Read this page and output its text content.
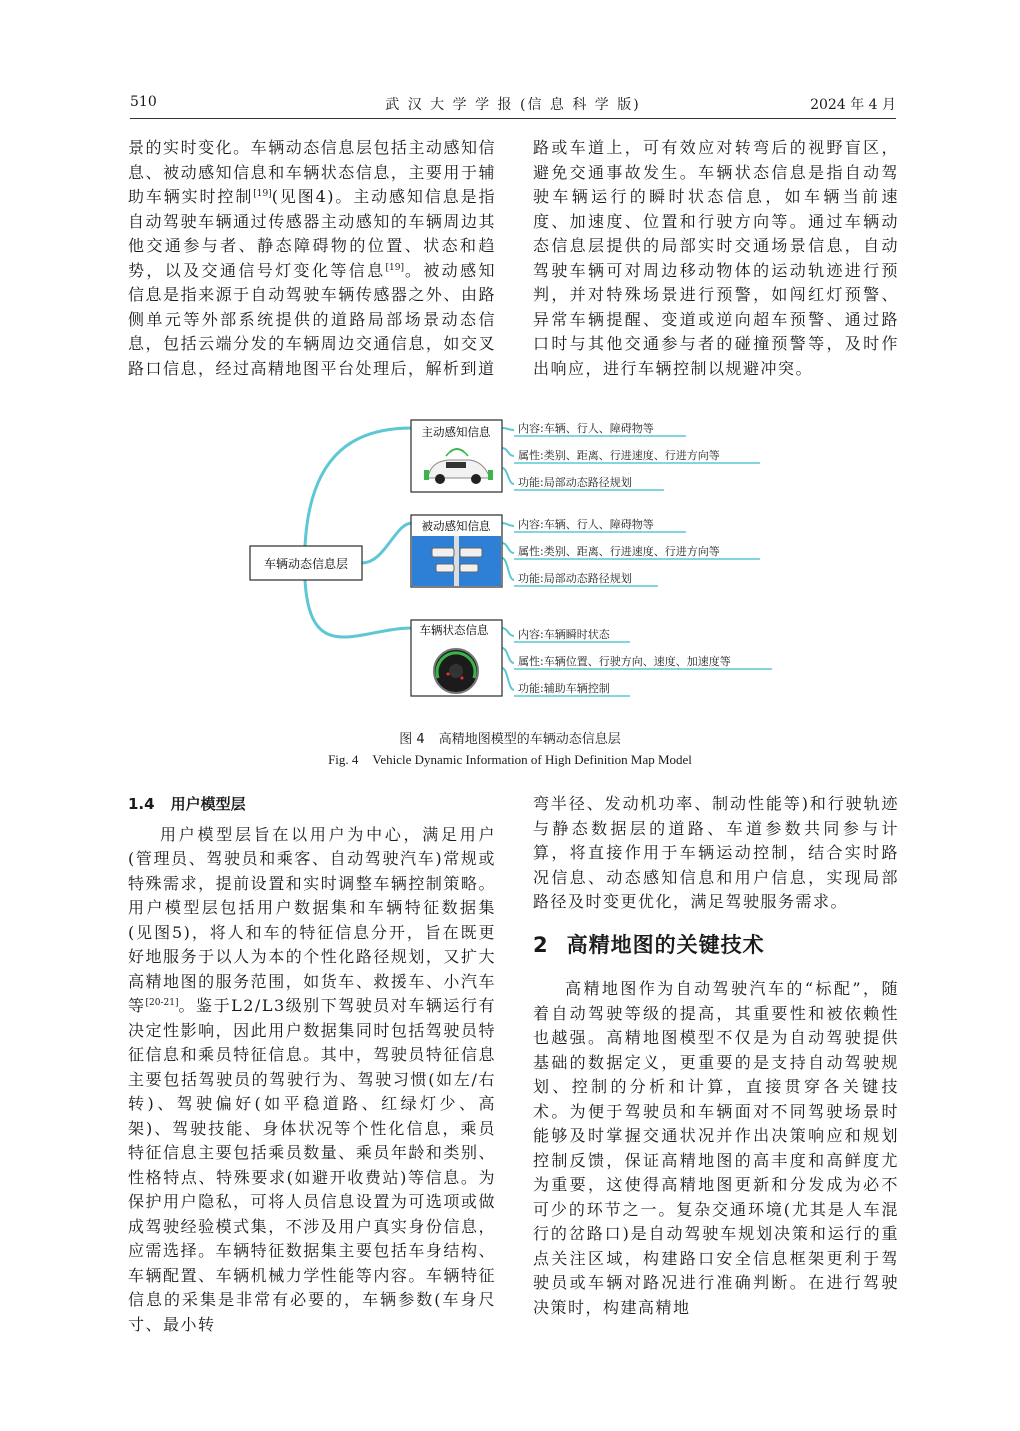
510	武 汉 大 学 学 报 (信 息 科 学 版)	2024 年 4 月

景的实时变化。车辆动态信息层包括主动感知信息、被动感知信息和车辆状态信息，主要用于辅助车辆实时控制[19](见图4)。主动感知信息是指自动驾驶车辆通过传感器主动感知的车辆周边其他交通参与者、静态障碍物的位置、状态和趋势，以及交通信号灯变化等信息[19]。被动感知信息是指来源于自动驾驶车辆传感器之外、由路侧单元等外部系统提供的道路局部场景动态信息，包括云端分发的车辆周边交通信息，如交叉路口信息，经过高精地图平台处理后，解析到道

路或车道上，可有效应对转弯后的视野盲区，避免交通事故发生。车辆状态信息是指自动驾驶车辆运行的瞬时状态信息，如车辆当前速度、加速度、位置和行驶方向等。通过车辆动态信息层提供的局部实时交通场景信息，自动驾驶车辆可对周边移动物体的运动轨迹进行预判，并对特殊场景进行预警，如闯红灯预警、异常车辆提醒、变道或逆向超车预警、通过路口时与其他交通参与者的碰撞预警等，及时作出响应，进行车辆控制以规避冲突。

车辆动态信息层
主动感知信息
被动感知信息
车辆状态信息
内容:车辆、行人、障碍物等
属性:类别、距离、行进速度、行进方向等
功能:局部动态路径规划
内容:车辆、行人、障碍物等
属性:类别、距离、行进速度、行进方向等
功能:局部动态路径规划
内容:车辆瞬时状态
属性:车辆位置、行驶方向、速度、加速度等
功能:辅助车辆控制
图 4 高精地图模型的车辆动态信息层
Fig. 4 Vehicle Dynamic Information of High Definition Map Model

1.4 用户模型层

用户模型层旨在以用户为中心，满足用户(管理员、驾驶员和乘客、自动驾驶汽车)常规或特殊需求，提前设置和实时调整车辆控制策略。用户模型层包括用户数据集和车辆特征数据集(见图5)，将人和车的特征信息分开，旨在既更好地服务于以人为本的个性化路径规划，又扩大高精地图的服务范围，如货车、救援车、小汽车等[20-21]。鉴于L2/L3级别下驾驶员对车辆运行有决定性影响，因此用户数据集同时包括驾驶员特征信息和乘员特征信息。其中，驾驶员特征信息主要包括驾驶员的驾驶行为、驾驶习惯(如左/右转)、驾驶偏好(如平稳道路、红绿灯少、高架)、驾驶技能、身体状况等个性化信息，乘员特征信息主要包括乘员数量、乘员年龄和类别、性格特点、特殊要求(如避开收费站)等信息。为保护用户隐私，可将人员信息设置为可选项或做成驾驶经验模式集，不涉及用户真实身份信息，应需选择。车辆特征数据集主要包括车身结构、车辆配置、车辆机械力学性能等内容。车辆特征信息的采集是非常有必要的，车辆参数(车身尺寸、最小转

弯半径、发动机功率、制动性能等)和行驶轨迹与静态数据层的道路、车道参数共同参与计算，将直接作用于车辆运动控制，结合实时路况信息、动态感知信息和用户信息，实现局部路径及时变更优化，满足驾驶服务需求。

2 高精地图的关键技术

高精地图作为自动驾驶汽车的“标配”，随着自动驾驶等级的提高，其重要性和被依赖性也越强。高精地图模型不仅是为自动驾驶提供基础的数据定义，更重要的是支持自动驾驶规划、控制的分析和计算，直接贯穿各关键技术。为便于驾驶员和车辆面对不同驾驶场景时能够及时掌握交通状况并作出决策响应和规划控制反馈，保证高精地图的高丰度和高鲜度尤为重要，这使得高精地图更新和分发成为必不可少的环节之一。复杂交通环境(尤其是人车混行的岔路口)是自动驾驶车规划决策和运行的重点关注区域，构建路口安全信息框架更利于驾驶员或车辆对路况进行准确判断。在进行驾驶决策时，构建高精地
